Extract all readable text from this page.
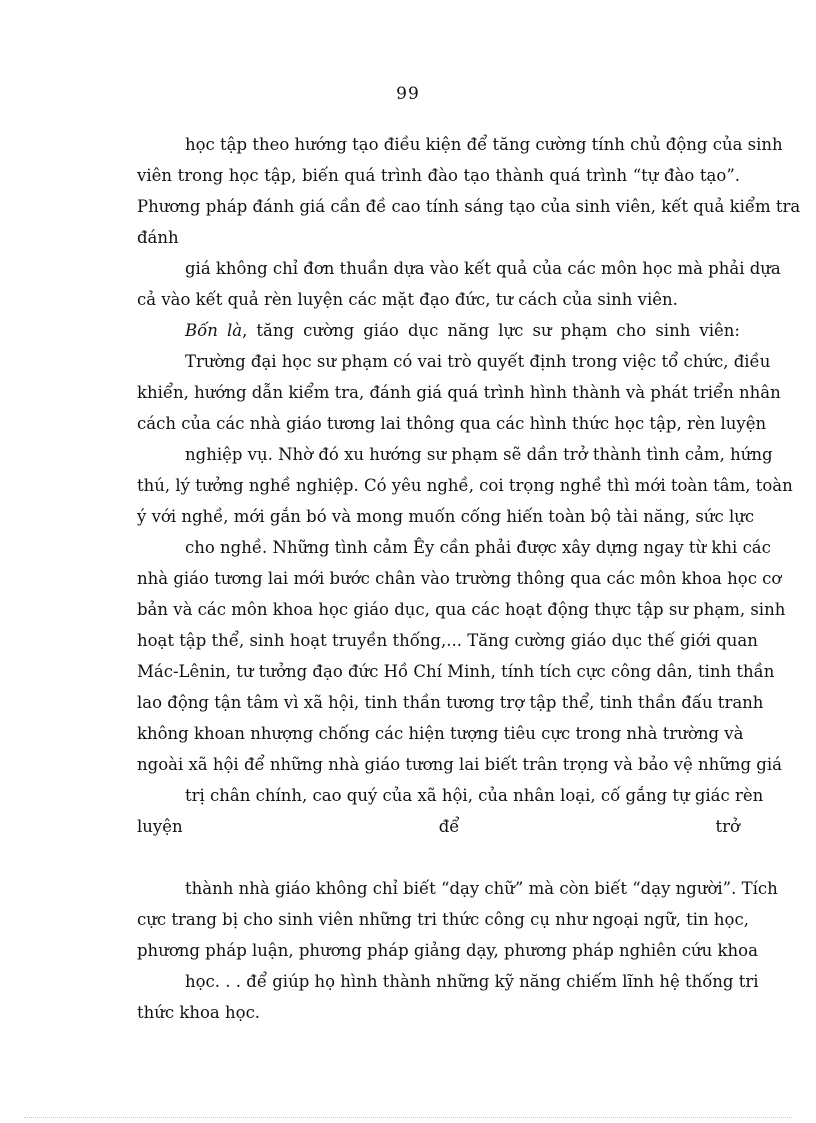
99
học tập theo hướng tạo điều kiện để tăng cường tính chủ động của sinh
viên trong học tập, biến quá trình đào tạo thành quá trình “tự đào tạo”.
Phương pháp đánh giá cần đề cao tính sáng tạo của sinh viên, kết quả kiểm tra
đánh
giá không chỉ đơn thuần dựa vào kết quả của các môn học mà phải dựa
cả vào kết quả rèn luyện các mặt đạo đức, tư cách của sinh viên.
Bốn là, tăng cường giáo dục năng lực sư phạm cho sinh viên:
Trường đại học sư phạm có vai trò quyết định trong việc tổ chức, điều
khiển, hướng dẫn kiểm tra, đánh giá quá trình hình thành và phát triển nhân
cách của các nhà giáo tương lai thông qua các hình thức học tập, rèn luyện
nghiệp vụ. Nhờ đó xu hướng sư phạm sẽ dần trở thành tình cảm, hứng
thú, lý tưởng nghề nghiệp. Có yêu nghề, coi trọng nghề thì mới toàn tâm, toàn
ý với nghề, mới gắn bó và mong muốn cống hiến toàn bộ tài năng, sức lực
cho nghề. Những tình cảm Êy cần phải được xây dựng ngay từ khi các
nhà giáo tương lai mới bước chân vào trường thông qua các môn khoa học cơ
bản và các môn khoa học giáo dục, qua các hoạt động thực tập sư phạm, sinh
hoạt tập thể, sinh hoạt truyền thống,... Tăng cường giáo dục thế giới quan
Mác-Lênin, tư tưởng đạo đức Hồ Chí Minh, tính tích cực công dân, tinh thần
lao động tận tâm vì xã hội, tinh thần tương trợ tập thể, tinh thần đấu tranh
không khoan nhượng chống các hiện tượng tiêu cực trong nhà trường và
ngoài xã hội để những nhà giáo tương lai biết trân trọng và bảo vệ những giá
trị chân chính, cao quý của xã hội, của nhân loại, cố gắng tự giác rèn
luyện	để	trở
thành nhà giáo không chỉ biết “dạy chữ” mà còn biết “dạy người”. Tích
cực trang bị cho sinh viên những tri thức công cụ như ngoại ngữ, tin học,
phương pháp luận, phương pháp giảng dạy, phương pháp nghiên cứu khoa
học. . . để giúp họ hình thành những kỹ năng chiếm lĩnh hệ thống tri
thức khoa học.
